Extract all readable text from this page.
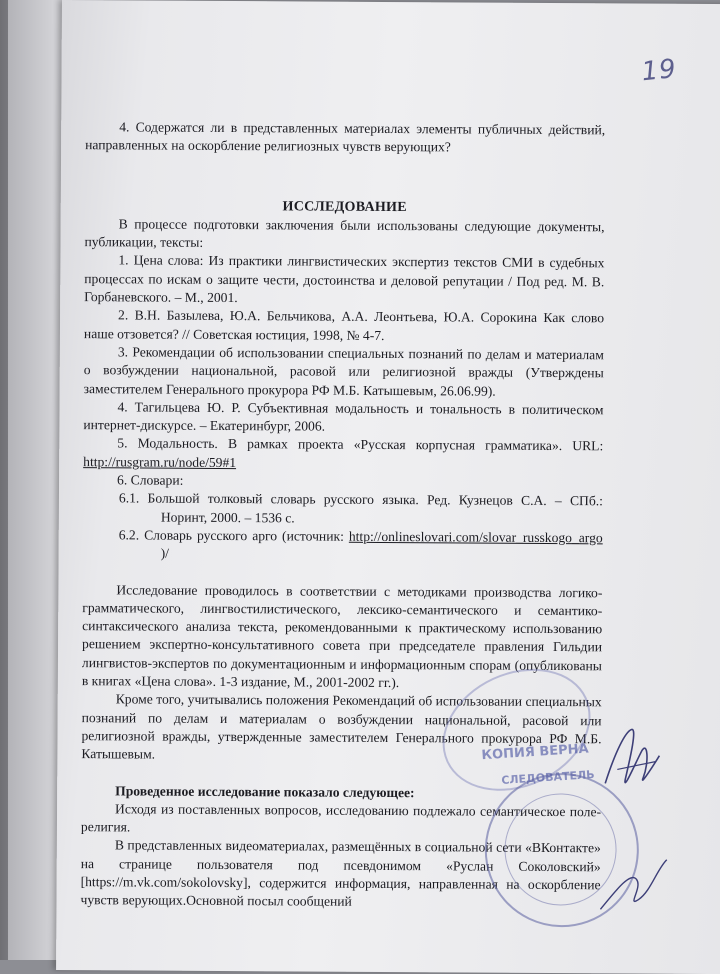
19

4. Содержатся ли в представленных материалах элементы публичных действий, направленных на оскорбление религиозных чувств верующих?

ИССЛЕДОВАНИЕ

В процессе подготовки заключения были использованы следующие документы, публикации, тексты:

1. Цена слова: Из практики лингвистических экспертиз текстов СМИ в судебных процессах по искам о защите чести, достоинства и деловой репутации / Под ред. М. В. Горбаневского. – М., 2001.

2. В.Н. Базылева, Ю.А. Бельчикова, А.А. Леонтьева, Ю.А. Сорокина Как слово наше отзовется? // Советская юстиция, 1998, № 4-7.

3. Рекомендации об использовании специальных познаний по делам и материалам о возбуждении национальной, расовой или религиозной вражды (Утверждены заместителем Генерального прокурора РФ М.Б. Катышевым, 26.06.99).

4. Тагильцева Ю. Р. Субъективная модальность и тональность в политическом интернет-дискурсе. – Екатеринбург, 2006.

5. Модальность. В рамках проекта «Русская корпусная грамматика». URL: http://rusgram.ru/node/59#1

6. Словари:

6.1. Большой толковый словарь русского языка. Ред. Кузнецов С.А. – СПб.: Норинт, 2000. – 1536 с.

6.2. Словарь русского арго (источник: http://onlineslovari.com/slovar_russkogo_argo )/

Исследование проводилось в соответствии с методиками производства логико-грамматического, лингвостилистического, лексико-семантического и семантико-синтаксического анализа текста, рекомендованными к практическому использованию решением экспертно-консультативного совета при председателе правления Гильдии лингвистов-экспертов по документационным и информационным спорам (опубликованы в книгах «Цена слова». 1-3 издание, М., 2001-2002 гг.).

Кроме того, учитывались положения Рекомендаций об использовании специальных познаний по делам и материалам о возбуждении национальной, расовой или религиозной вражды, утвержденные заместителем Генерального прокурора РФ М.Б. Катышевым.

Проведенное исследование показало следующее:

Исходя из поставленных вопросов, исследованию подлежало семантическое поле-религия.

В представленных видеоматериалах, размещённых в социальной сети «ВКонтакте» на странице пользователя под псевдонимом «Руслан Соколовский» [https://m.vk.com/sokolovsky], содержится информация, направленная на оскорбление чувств верующих.Основной посыл сообщений

КОПИЯ ВЕРНА
СЛЕДОВАТЕЛЬ
